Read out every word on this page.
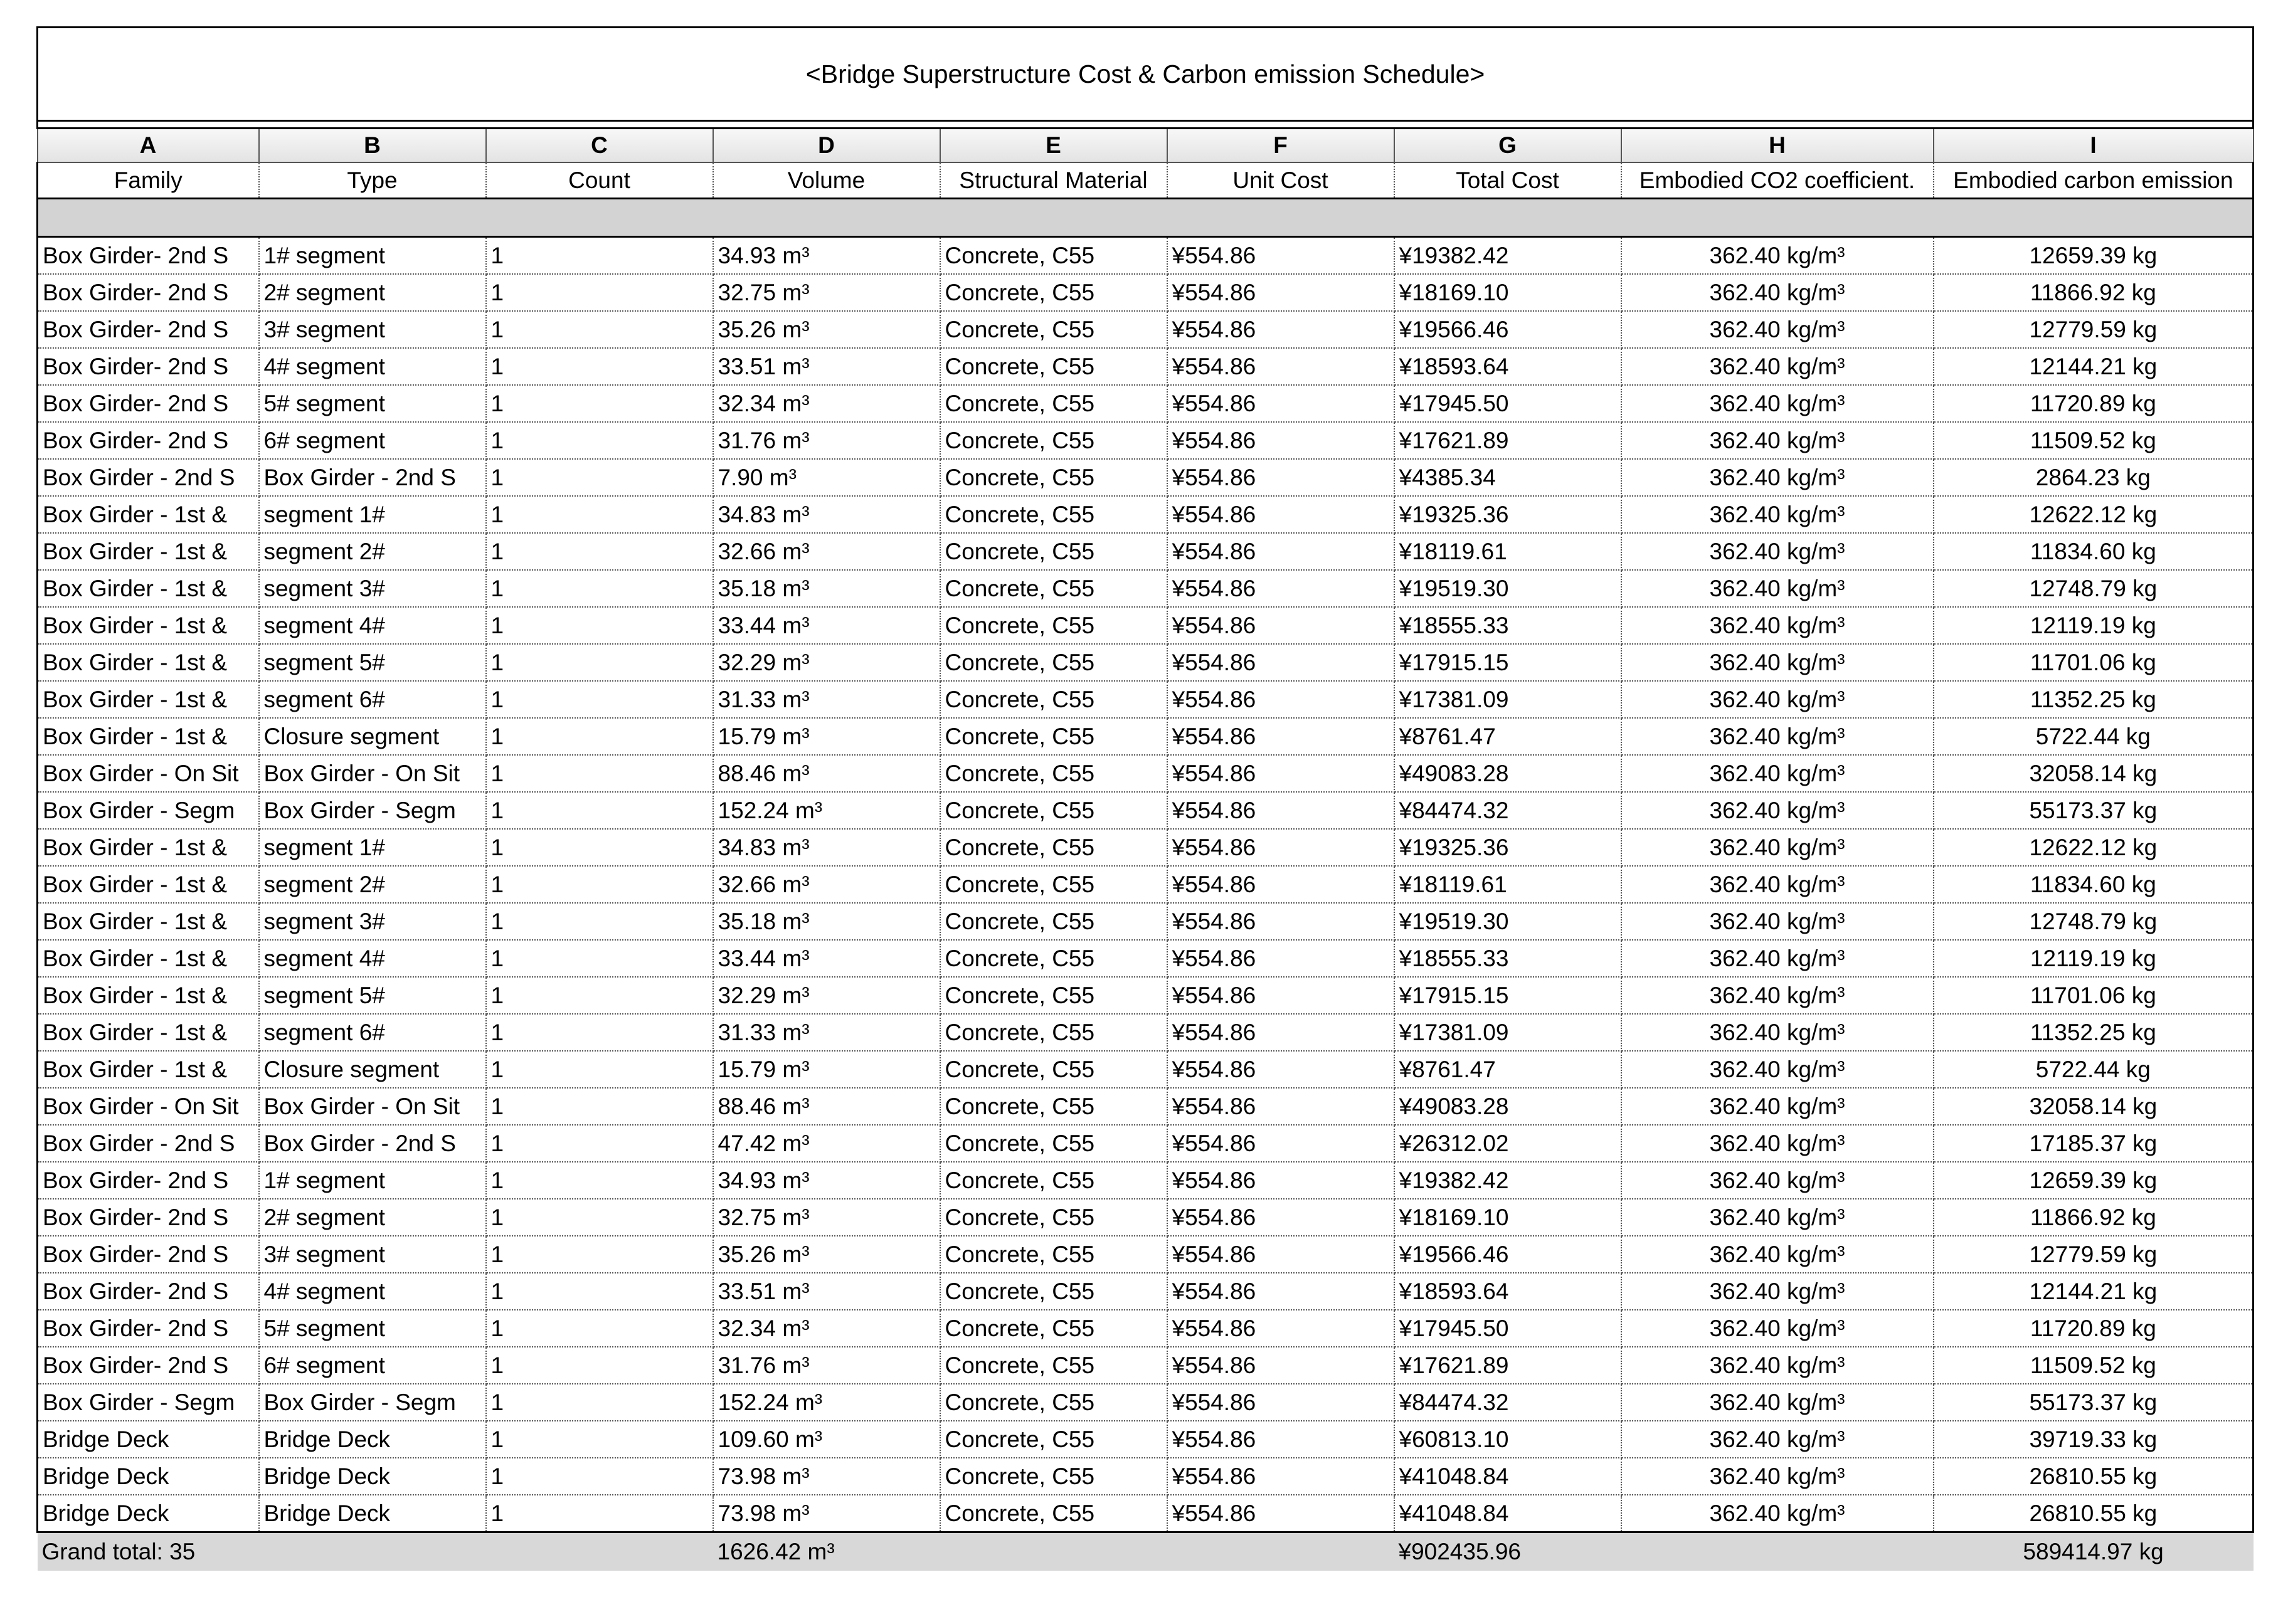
<Bridge Superstructure Cost & Carbon emission Schedule>								

A	B	C	D	E	F	G	H	I
Family	Type	Count	Volume	Structural Material	Unit Cost	Total Cost	Embodied CO2 coefficient.	Embodied carbon emission

Box Girder- 2nd S	1# segment	1	34.93 m³	Concrete, C55	¥554.86	¥19382.42	362.40 kg/m³	12659.39 kg
Box Girder- 2nd S	2# segment	1	32.75 m³	Concrete, C55	¥554.86	¥18169.10	362.40 kg/m³	11866.92 kg
Box Girder- 2nd S	3# segment	1	35.26 m³	Concrete, C55	¥554.86	¥19566.46	362.40 kg/m³	12779.59 kg
Box Girder- 2nd S	4# segment	1	33.51 m³	Concrete, C55	¥554.86	¥18593.64	362.40 kg/m³	12144.21 kg
Box Girder- 2nd S	5# segment	1	32.34 m³	Concrete, C55	¥554.86	¥17945.50	362.40 kg/m³	11720.89 kg
Box Girder- 2nd S	6# segment	1	31.76 m³	Concrete, C55	¥554.86	¥17621.89	362.40 kg/m³	11509.52 kg
Box Girder - 2nd S	Box Girder - 2nd S	1	7.90 m³	Concrete, C55	¥554.86	¥4385.34	362.40 kg/m³	2864.23 kg
Box Girder - 1st &	segment 1#	1	34.83 m³	Concrete, C55	¥554.86	¥19325.36	362.40 kg/m³	12622.12 kg
Box Girder - 1st &	segment 2#	1	32.66 m³	Concrete, C55	¥554.86	¥18119.61	362.40 kg/m³	11834.60 kg
Box Girder - 1st &	segment 3#	1	35.18 m³	Concrete, C55	¥554.86	¥19519.30	362.40 kg/m³	12748.79 kg
Box Girder - 1st &	segment 4#	1	33.44 m³	Concrete, C55	¥554.86	¥18555.33	362.40 kg/m³	12119.19 kg
Box Girder - 1st &	segment 5#	1	32.29 m³	Concrete, C55	¥554.86	¥17915.15	362.40 kg/m³	11701.06 kg
Box Girder - 1st &	segment 6#	1	31.33 m³	Concrete, C55	¥554.86	¥17381.09	362.40 kg/m³	11352.25 kg
Box Girder - 1st &	Closure segment	1	15.79 m³	Concrete, C55	¥554.86	¥8761.47	362.40 kg/m³	5722.44 kg
Box Girder - On Sit	Box Girder - On Sit	1	88.46 m³	Concrete, C55	¥554.86	¥49083.28	362.40 kg/m³	32058.14 kg
Box Girder - Segm	Box Girder - Segm	1	152.24 m³	Concrete, C55	¥554.86	¥84474.32	362.40 kg/m³	55173.37 kg
Box Girder - 1st &	segment 1#	1	34.83 m³	Concrete, C55	¥554.86	¥19325.36	362.40 kg/m³	12622.12 kg
Box Girder - 1st &	segment 2#	1	32.66 m³	Concrete, C55	¥554.86	¥18119.61	362.40 kg/m³	11834.60 kg
Box Girder - 1st &	segment 3#	1	35.18 m³	Concrete, C55	¥554.86	¥19519.30	362.40 kg/m³	12748.79 kg
Box Girder - 1st &	segment 4#	1	33.44 m³	Concrete, C55	¥554.86	¥18555.33	362.40 kg/m³	12119.19 kg
Box Girder - 1st &	segment 5#	1	32.29 m³	Concrete, C55	¥554.86	¥17915.15	362.40 kg/m³	11701.06 kg
Box Girder - 1st &	segment 6#	1	31.33 m³	Concrete, C55	¥554.86	¥17381.09	362.40 kg/m³	11352.25 kg
Box Girder - 1st &	Closure segment	1	15.79 m³	Concrete, C55	¥554.86	¥8761.47	362.40 kg/m³	5722.44 kg
Box Girder - On Sit	Box Girder - On Sit	1	88.46 m³	Concrete, C55	¥554.86	¥49083.28	362.40 kg/m³	32058.14 kg
Box Girder - 2nd S	Box Girder - 2nd S	1	47.42 m³	Concrete, C55	¥554.86	¥26312.02	362.40 kg/m³	17185.37 kg
Box Girder- 2nd S	1# segment	1	34.93 m³	Concrete, C55	¥554.86	¥19382.42	362.40 kg/m³	12659.39 kg
Box Girder- 2nd S	2# segment	1	32.75 m³	Concrete, C55	¥554.86	¥18169.10	362.40 kg/m³	11866.92 kg
Box Girder- 2nd S	3# segment	1	35.26 m³	Concrete, C55	¥554.86	¥19566.46	362.40 kg/m³	12779.59 kg
Box Girder- 2nd S	4# segment	1	33.51 m³	Concrete, C55	¥554.86	¥18593.64	362.40 kg/m³	12144.21 kg
Box Girder- 2nd S	5# segment	1	32.34 m³	Concrete, C55	¥554.86	¥17945.50	362.40 kg/m³	11720.89 kg
Box Girder- 2nd S	6# segment	1	31.76 m³	Concrete, C55	¥554.86	¥17621.89	362.40 kg/m³	11509.52 kg
Box Girder - Segm	Box Girder - Segm	1	152.24 m³	Concrete, C55	¥554.86	¥84474.32	362.40 kg/m³	55173.37 kg
Bridge Deck	Bridge Deck	1	109.60 m³	Concrete, C55	¥554.86	¥60813.10	362.40 kg/m³	39719.33 kg
Bridge Deck	Bridge Deck	1	73.98 m³	Concrete, C55	¥554.86	¥41048.84	362.40 kg/m³	26810.55 kg
Bridge Deck	Bridge Deck	1	73.98 m³	Concrete, C55	¥554.86	¥41048.84	362.40 kg/m³	26810.55 kg
Grand total: 35			1626.42 m³			¥902435.96		589414.97 kg
